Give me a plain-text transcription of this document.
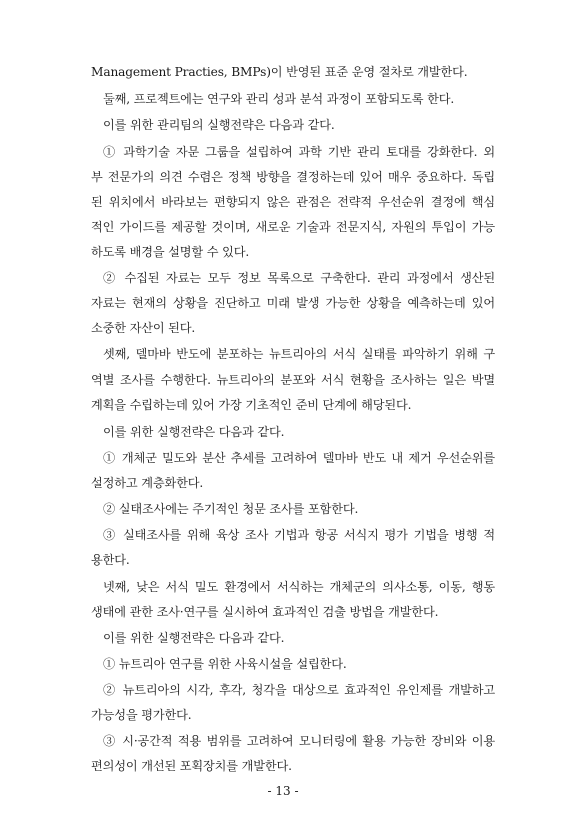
Management Practies, BMPs)이 반영된 표준 운영 절차로 개발한다.
둘째, 프로젝트에는 연구와 관리 성과 분석 과정이 포함되도록 한다.
이를 위한 관리팀의 실행전략은 다음과 같다.
① 과학기술 자문 그룹을 설립하여 과학 기반 관리 토대를 강화한다. 외
부 전문가의 의견 수렴은 정책 방향을 결정하는데 있어 매우 중요하다. 독립
된 위치에서 바라보는 편향되지 않은 관점은 전략적 우선순위 결정에 핵심
적인 가이드를 제공할 것이며, 새로운 기술과 전문지식, 자원의 투입이 가능
하도록 배경을 설명할 수 있다.
② 수집된 자료는 모두 정보 목록으로 구축한다. 관리 과정에서 생산된
자료는 현재의 상황을 진단하고 미래 발생 가능한 상황을 예측하는데 있어
소중한 자산이 된다.
셋째, 델마바 반도에 분포하는 뉴트리아의 서식 실태를 파악하기 위해 구
역별 조사를 수행한다. 뉴트리아의 분포와 서식 현황을 조사하는 일은 박멸
계획을 수립하는데 있어 가장 기초적인 준비 단계에 해당된다.
이를 위한 실행전략은 다음과 같다.
① 개체군 밀도와 분산 추세를 고려하여 델마바 반도 내 제거 우선순위를
설정하고 계층화한다.
② 실태조사에는 주기적인 청문 조사를 포함한다.
③ 실태조사를 위해 육상 조사 기법과 항공 서식지 평가 기법을 병행 적
용한다.
넷째, 낮은 서식 밀도 환경에서 서식하는 개체군의 의사소통, 이동, 행동
생태에 관한 조사·연구를 실시하여 효과적인 검출 방법을 개발한다.
이를 위한 실행전략은 다음과 같다.
① 뉴트리아 연구를 위한 사육시설을 설립한다.
② 뉴트리아의 시각, 후각, 청각을 대상으로 효과적인 유인제를 개발하고
가능성을 평가한다.
③ 시·공간적 적용 범위를 고려하여 모니터링에 활용 가능한 장비와 이용
편의성이 개선된 포획장치를 개발한다.
- 13 -
